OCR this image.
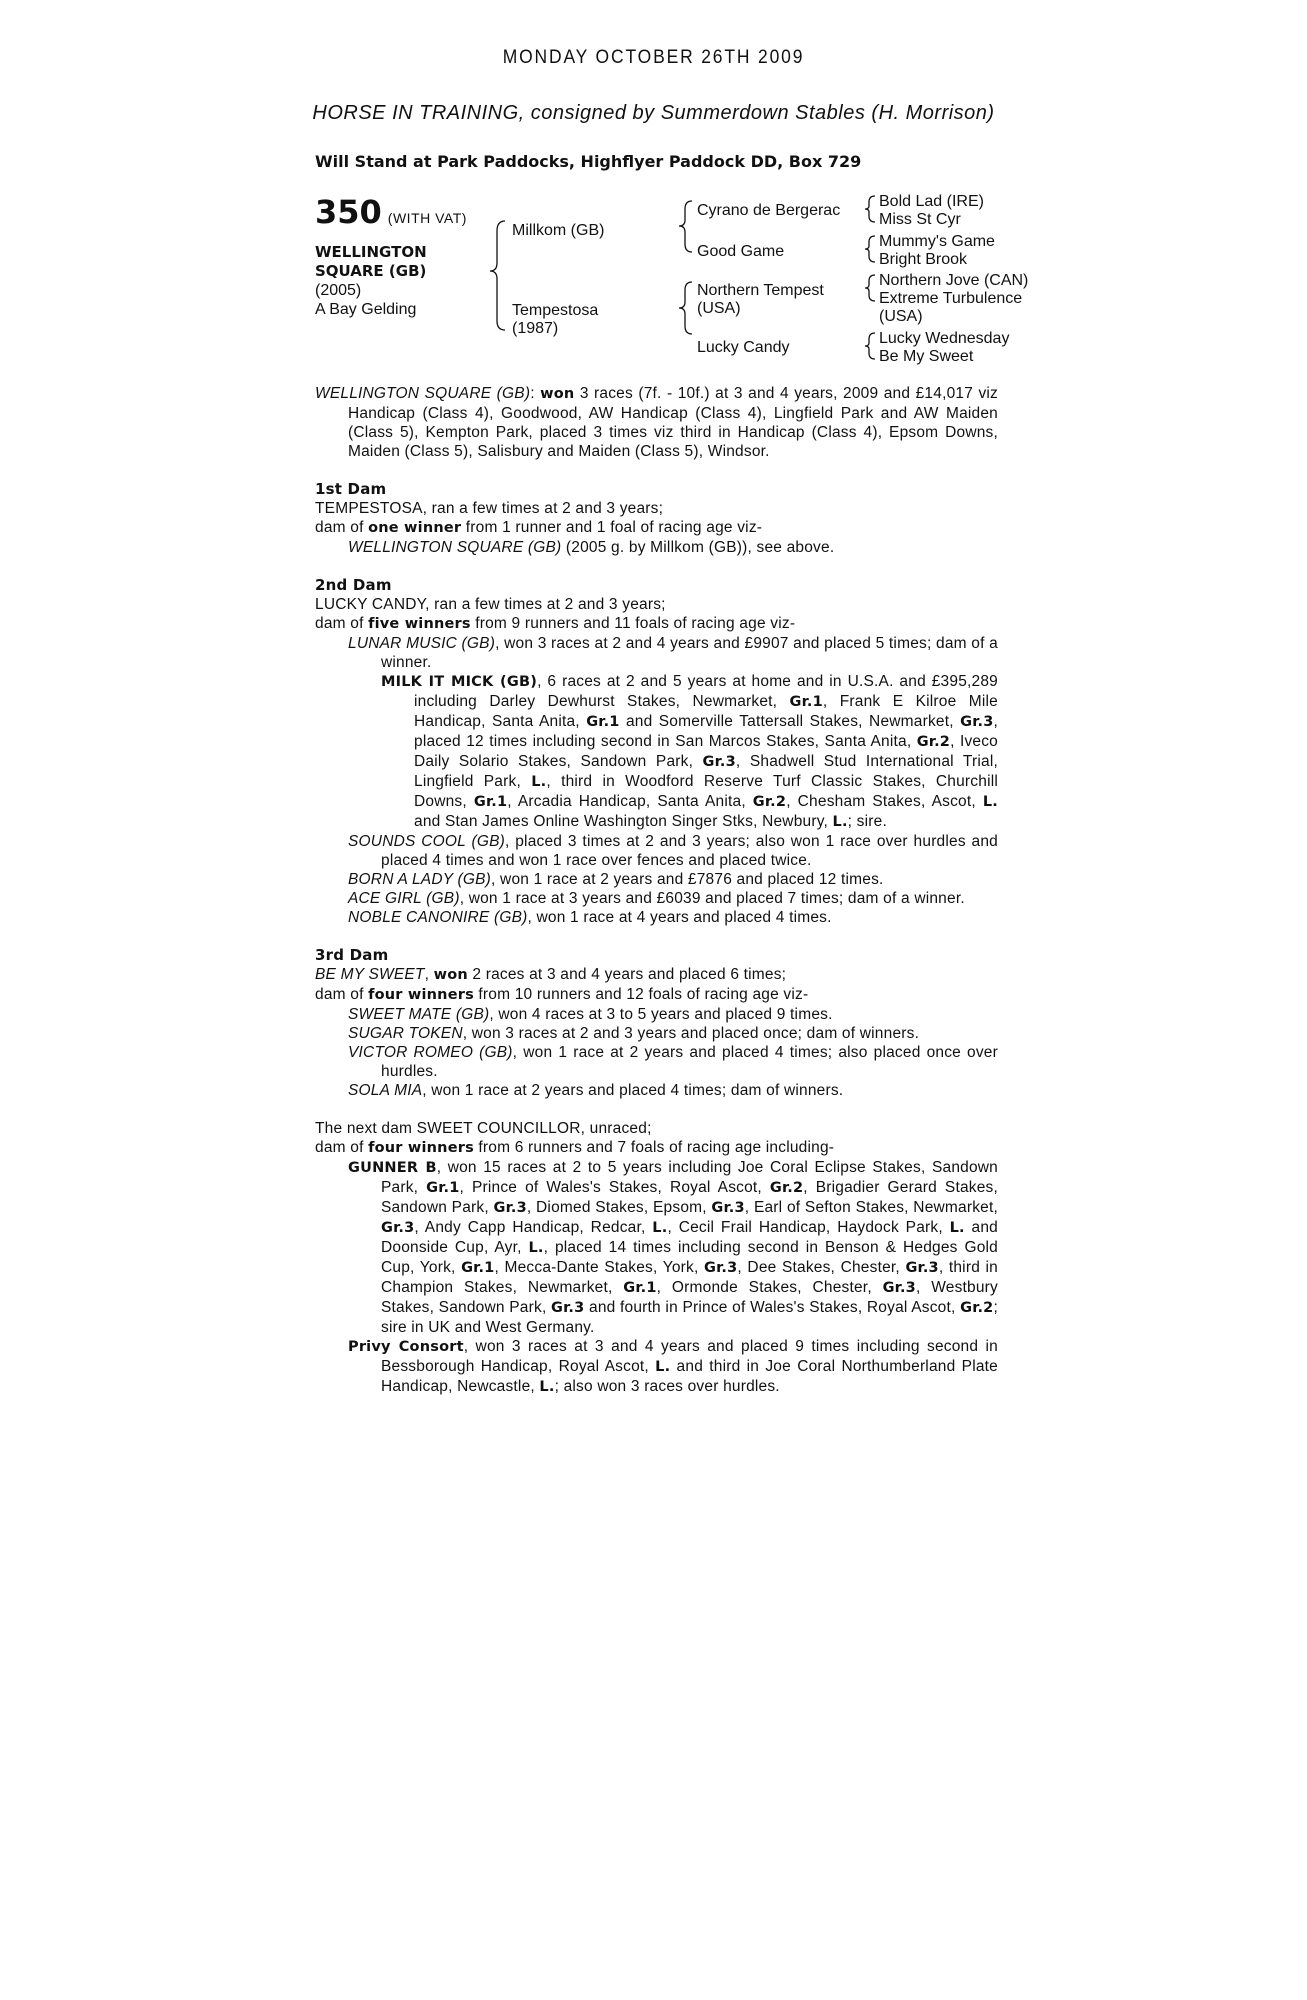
MONDAY OCTOBER 26TH 2009
HORSE IN TRAINING, consigned by Summerdown Stables (H. Morrison)
Will Stand at Park Paddocks, Highflyer Paddock DD, Box 729
350 (WITH VAT)
WELLINGTON
SQUARE (GB)
(2005)
A Bay Gelding
Millkom (GB)
Tempestosa
(1987)
Cyrano de Bergerac
Good Game
Northern Tempest
(USA)
Lucky Candy
Bold Lad (IRE)
Miss St Cyr
Mummy's Game
Bright Brook
Northern Jove (CAN)
Extreme Turbulence
(USA)
Lucky Wednesday
Be My Sweet
WELLINGTON SQUARE (GB): won 3 races (7f. - 10f.) at 3 and 4 years, 2009 and £14,017 viz Handicap (Class 4), Goodwood, AW Handicap (Class 4), Lingfield Park and AW Maiden (Class 5), Kempton Park, placed 3 times viz third in Handicap (Class 4), Epsom Downs, Maiden (Class 5), Salisbury and Maiden (Class 5), Windsor.
1st Dam
TEMPESTOSA, ran a few times at 2 and 3 years;
dam of one winner from 1 runner and 1 foal of racing age viz-
WELLINGTON SQUARE (GB) (2005 g. by Millkom (GB)), see above.
2nd Dam
LUCKY CANDY, ran a few times at 2 and 3 years;
dam of five winners from 9 runners and 11 foals of racing age viz-
LUNAR MUSIC (GB), won 3 races at 2 and 4 years and £9907 and placed 5 times; dam of a winner.
MILK IT MICK (GB), 6 races at 2 and 5 years at home and in U.S.A. and £395,289 including Darley Dewhurst Stakes, Newmarket, Gr.1, Frank E Kilroe Mile Handicap, Santa Anita, Gr.1 and Somerville Tattersall Stakes, Newmarket, Gr.3, placed 12 times including second in San Marcos Stakes, Santa Anita, Gr.2, Iveco Daily Solario Stakes, Sandown Park, Gr.3, Shadwell Stud International Trial, Lingfield Park, L., third in Woodford Reserve Turf Classic Stakes, Churchill Downs, Gr.1, Arcadia Handicap, Santa Anita, Gr.2, Chesham Stakes, Ascot, L. and Stan James Online Washington Singer Stks, Newbury, L.; sire.
SOUNDS COOL (GB), placed 3 times at 2 and 3 years; also won 1 race over hurdles and placed 4 times and won 1 race over fences and placed twice.
BORN A LADY (GB), won 1 race at 2 years and £7876 and placed 12 times.
ACE GIRL (GB), won 1 race at 3 years and £6039 and placed 7 times; dam of a winner.
NOBLE CANONIRE (GB), won 1 race at 4 years and placed 4 times.
3rd Dam
BE MY SWEET, won 2 races at 3 and 4 years and placed 6 times;
dam of four winners from 10 runners and 12 foals of racing age viz-
SWEET MATE (GB), won 4 races at 3 to 5 years and placed 9 times.
SUGAR TOKEN, won 3 races at 2 and 3 years and placed once; dam of winners.
VICTOR ROMEO (GB), won 1 race at 2 years and placed 4 times; also placed once over hurdles.
SOLA MIA, won 1 race at 2 years and placed 4 times; dam of winners.
The next dam SWEET COUNCILLOR, unraced;
dam of four winners from 6 runners and 7 foals of racing age including-
GUNNER B, won 15 races at 2 to 5 years including Joe Coral Eclipse Stakes, Sandown Park, Gr.1, Prince of Wales's Stakes, Royal Ascot, Gr.2, Brigadier Gerard Stakes, Sandown Park, Gr.3, Diomed Stakes, Epsom, Gr.3, Earl of Sefton Stakes, Newmarket, Gr.3, Andy Capp Handicap, Redcar, L., Cecil Frail Handicap, Haydock Park, L. and Doonside Cup, Ayr, L., placed 14 times including second in Benson & Hedges Gold Cup, York, Gr.1, Mecca-Dante Stakes, York, Gr.3, Dee Stakes, Chester, Gr.3, third in Champion Stakes, Newmarket, Gr.1, Ormonde Stakes, Chester, Gr.3, Westbury Stakes, Sandown Park, Gr.3 and fourth in Prince of Wales's Stakes, Royal Ascot, Gr.2; sire in UK and West Germany.
Privy Consort, won 3 races at 3 and 4 years and placed 9 times including second in Bessborough Handicap, Royal Ascot, L. and third in Joe Coral Northumberland Plate Handicap, Newcastle, L.; also won 3 races over hurdles.
